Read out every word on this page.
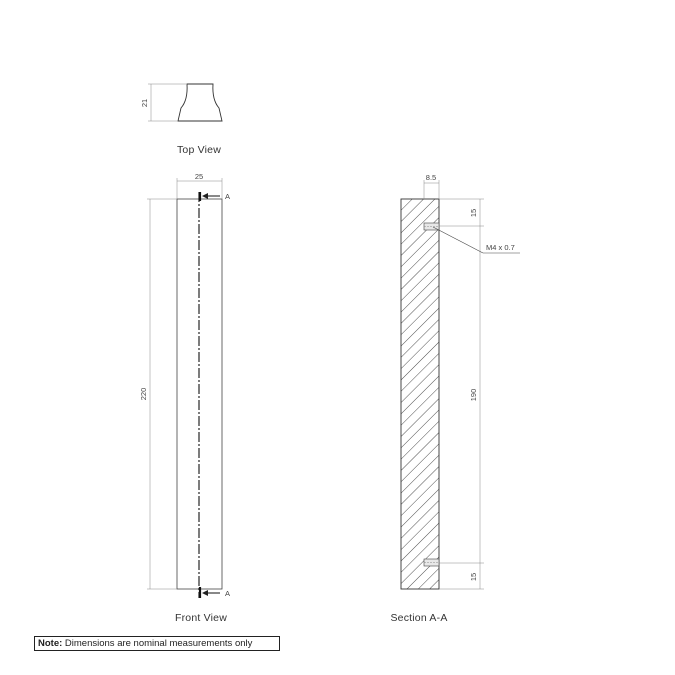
21
Top View
25
220
A
A
Front View
8.5
15
190
15
M4 x 0.7
Section A-A
Note: Dimensions are nominal measurements only
